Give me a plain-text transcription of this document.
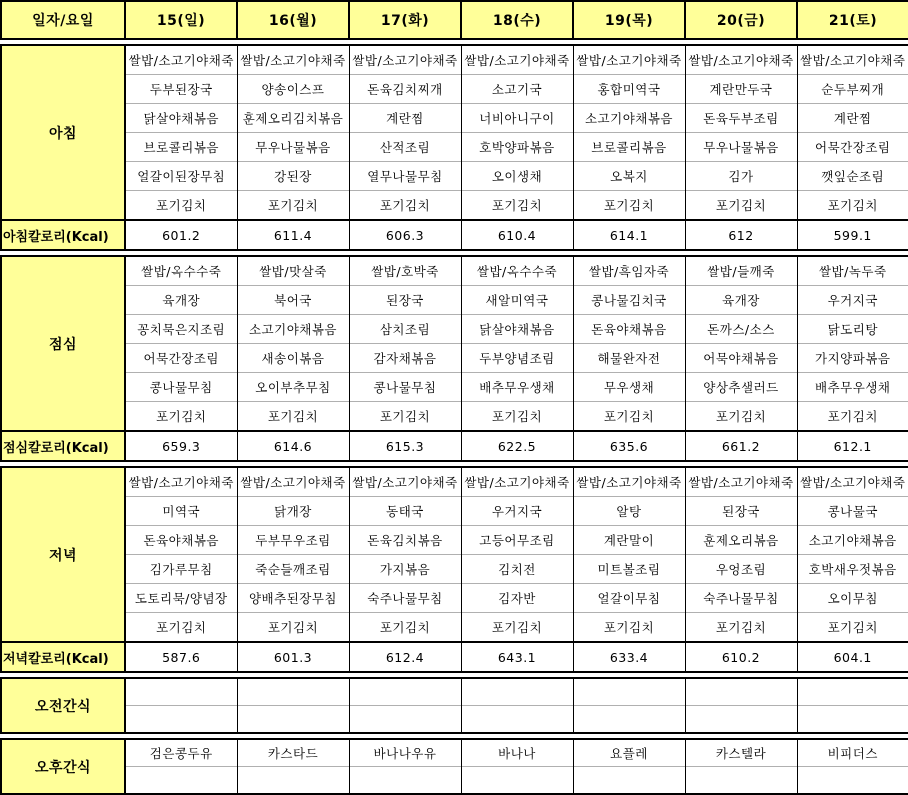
일자/요일	15(일)	16(월)	17(화)	18(수)	19(목)	20(금)	21(토)

아침	쌀밥/소고기야채죽	쌀밥/소고기야채죽	쌀밥/소고기야채죽	쌀밥/소고기야채죽	쌀밥/소고기야채죽	쌀밥/소고기야채죽	쌀밥/소고기야채죽
	두부된장국	양송이스프	돈육김치찌개	소고기국	홍합미역국	계란만두국	순두부찌개
	닭살야채볶음	훈제오리김치볶음	계란찜	너비아니구이	소고기야채볶음	돈육두부조림	계란찜
	브로콜리볶음	무우나물볶음	산적조림	호박양파볶음	브로콜리볶음	무우나물볶음	어묵간장조림
	얼갈이된장무침	강된장	열무나물무침	오이생채	오복지	김가	깻잎순조림
	포기김치	포기김치	포기김치	포기김치	포기김치	포기김치	포기김치
아침칼로리(Kcal)	601.2	611.4	606.3	610.4	614.1	612	599.1

점심	쌀밥/옥수수죽	쌀밥/맛살죽	쌀밥/호박죽	쌀밥/옥수수죽	쌀밥/흑임자죽	쌀밥/들깨죽	쌀밥/녹두죽
	육개장	북어국	된장국	새알미역국	콩나물김치국	육개장	우거지국
	꽁치묵은지조림	소고기야채볶음	삼치조림	닭살야채볶음	돈육야채볶음	돈까스/소스	닭도리탕
	어묵간장조림	새송이볶음	감자채볶음	두부양념조림	해물완자전	어묵야채볶음	가지양파볶음
	콩나물무침	오이부추무침	콩나물무침	배추무우생채	무우생채	양상추샐러드	배추무우생채
	포기김치	포기김치	포기김치	포기김치	포기김치	포기김치	포기김치
점심칼로리(Kcal)	659.3	614.6	615.3	622.5	635.6	661.2	612.1

저녁	쌀밥/소고기야채죽	쌀밥/소고기야채죽	쌀밥/소고기야채죽	쌀밥/소고기야채죽	쌀밥/소고기야채죽	쌀밥/소고기야채죽	쌀밥/소고기야채죽
	미역국	닭개장	동태국	우거지국	알탕	된장국	콩나물국
	돈육야채볶음	두부무우조림	돈육김치볶음	고등어무조림	계란말이	훈제오리볶음	소고기야채볶음
	김가루무침	죽순들깨조림	가지볶음	김치전	미트볼조림	우엉조림	호박새우젓볶음
	도토리묵/양념장	양배추된장무침	숙주나물무침	김자반	얼갈이무침	숙주나물무침	오이무침
	포기김치	포기김치	포기김치	포기김치	포기김치	포기김치	포기김치
저녁칼로리(Kcal)	587.6	601.3	612.4	643.1	633.4	610.2	604.1

오전간식							

오후간식	검은콩두유	카스타드	바나나우유	바나나	요플레	카스텔라	비피더스
